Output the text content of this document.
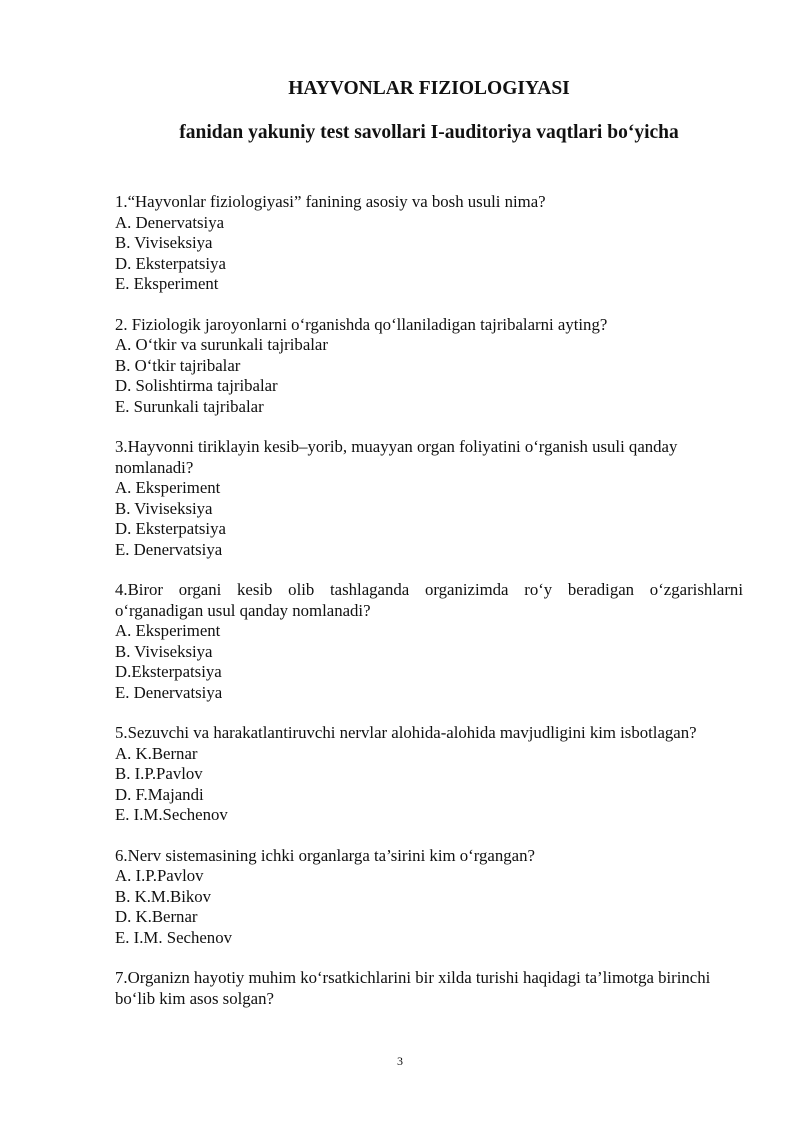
HAYVONLAR FIZIOLOGIYASI
fanidan yakuniy test savollari I-auditoriya vaqtlari bo‘yicha

1.“Hayvonlar fiziologiyasi” fanining asosiy va bosh usuli nima?

A. Denervatsiya

B. Viviseksiya

D. Eksterpatsiya

E. Eksperiment

2. Fiziologik jaroyonlarni o‘rganishda qo‘llaniladigan tajribalarni ayting?

A. O‘tkir va surunkali tajribalar

B. O‘tkir tajribalar

D. Solishtirma tajribalar

E. Surunkali tajribalar

3.Hayvonni tiriklayin kesib–yorib, muayyan organ foliyatini o‘rganish usuli qanday nomlanadi?

A. Eksperiment

B. Viviseksiya

D. Eksterpatsiya

E. Denervatsiya

4.Biror organi kesib olib tashlaganda organizimda ro‘y beradigan o‘zgarishlarni o‘rganadigan usul qanday nomlanadi?

A. Eksperiment

B. Viviseksiya

D.Eksterpatsiya

E. Denervatsiya

5.Sezuvchi va harakatlantiruvchi nervlar alohida-alohida mavjudligini kim isbotlagan?

A. K.Bernar

B. I.P.Pavlov

D. F.Majandi

E. I.M.Sechenov

6.Nerv sistemasining ichki organlarga ta’sirini kim o‘rgangan?

A. I.P.Pavlov

B. K.M.Bikov

D. K.Bernar

E. I.M. Sechenov

7.Organizn hayotiy muhim ko‘rsatkichlarini bir xilda turishi haqidagi ta’limotga birinchi bo‘lib kim asos solgan?

3
